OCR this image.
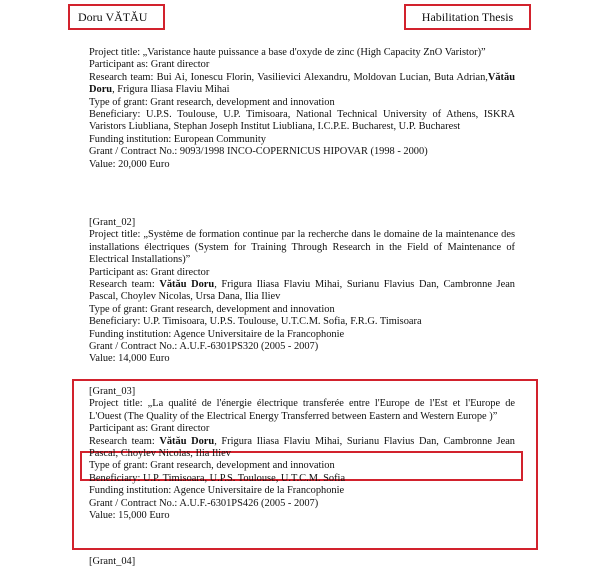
Doru VĂTĂU	Habilitation Thesis

Project title: „Varistance haute puissance a base d'oxyde de zinc (High Capacity ZnO Varistor)”

Participant as: Grant director

Research team: Bui Ai, Ionescu Florin, Vasilievici Alexandru, Moldovan Lucian, Buta Adrian,Vătău Doru, Frigura Iliasa Flaviu Mihai

Type of grant: Grant research, development and innovation

Beneficiary: U.P.S. Toulouse, U.P. Timisoara, National Technical University of Athens, ISKRA Varistors Liubliana, Stephan Joseph Institut Liubliana, I.C.P.E. Bucharest, U.P. Bucharest

Funding institution: European Community

Grant / Contract No.: 9093/1998 INCO-COPERNICUS HIPOVAR (1998 - 2000)

Value: 20,000 Euro

[Grant_02]

Project title: „Système de formation continue par la recherche dans le domaine de la maintenance des installations électriques (System for Training Through Research in the Field of Maintenance of Electrical Installations)”

Participant as: Grant director

Research team: Vătău Doru, Frigura Iliasa Flaviu Mihai, Surianu Flavius Dan, Cambronne Jean Pascal, Choylev Nicolas, Ursa Dana, Ilia Iliev

Type of grant: Grant research, development and innovation

Beneficiary: U.P. Timisoara, U.P.S. Toulouse, U.T.C.M. Sofia, F.R.G. Timisoara

Funding institution: Agence Universitaire de la Francophonie

Grant / Contract No.: A.U.F.-6301PS320 (2005 - 2007)

Value: 14,000 Euro

[Grant_03]

Project title: „La qualité de l'énergie électrique transferée entre l'Europe de l'Est et l'Europe de L'Ouest (The Quality of the Electrical Energy Transferred between Eastern and Western Europe )”

Participant as: Grant director

Research team: Vătău Doru, Frigura Iliasa Flaviu Mihai, Surianu Flavius Dan, Cambronne Jean Pascal, Choylev Nicolas, Ilia Iliev

Type of grant: Grant research, development and innovation

Beneficiary: U.P. Timisoara, U.P.S. Toulouse, U.T.C.M. Sofia

Funding institution: Agence Universitaire de la Francophonie

Grant / Contract No.: A.U.F.-6301PS426 (2005 - 2007)

Value: 15,000 Euro

[Grant_04]
